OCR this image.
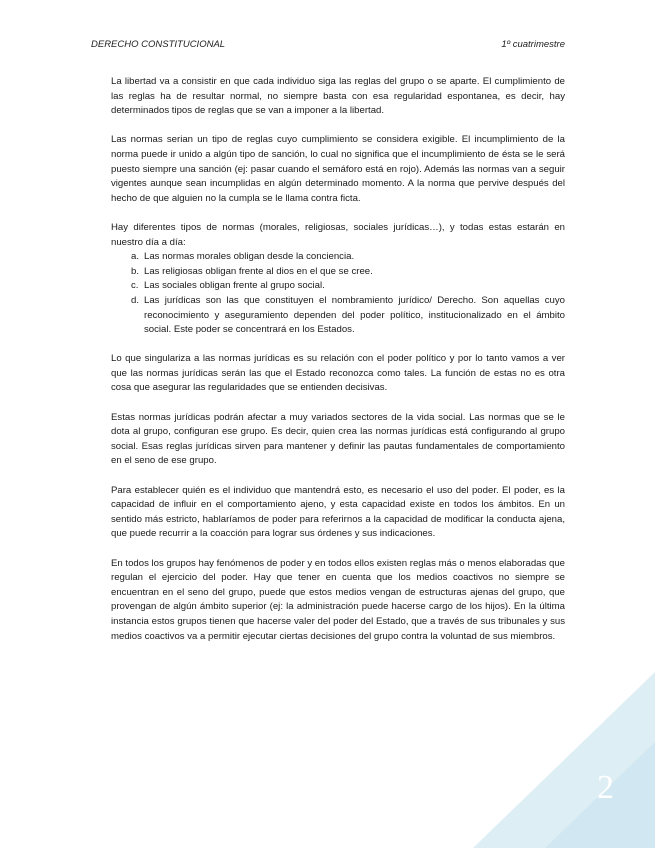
DERECHO CONSTITUCIONAL	1º cuatrimestre

La libertad va a consistir en que cada individuo siga las reglas del grupo o se aparte. El cumplimiento de las reglas ha de resultar normal, no siempre basta con esa regularidad espontanea, es decir, hay determinados tipos de reglas que se van a imponer a la libertad.

Las normas serian un tipo de reglas cuyo cumplimiento se considera exigible. El incumplimiento de la norma puede ir unido a algún tipo de sanción, lo cual no significa que el incumplimiento de ésta se le será puesto siempre una sanción (ej: pasar cuando el semáforo está en rojo). Además las normas van a seguir vigentes aunque sean incumplidas en algún determinado momento. A la norma que pervive después del hecho de que alguien no la cumpla se le llama contra ficta.

Hay diferentes tipos de normas (morales, religiosas, sociales jurídicas…), y todas estas estarán en nuestro día a día:

a. Las normas morales obligan desde la conciencia.
b. Las religiosas obligan frente al dios en el que se cree.
c. Las sociales obligan frente al grupo social.
d. Las jurídicas son las que constituyen el nombramiento jurídico/ Derecho. Son aquellas cuyo reconocimiento y aseguramiento dependen del poder político, institucionalizado en el ámbito social. Este poder se concentrará en los Estados.

Lo que singulariza a las normas jurídicas es su relación con el poder político y por lo tanto vamos a ver que las normas jurídicas serán las que el Estado reconozca como tales. La función de estas no es otra cosa que asegurar las regularidades que se entienden decisivas.

Estas normas jurídicas podrán afectar a muy variados sectores de la vida social. Las normas que se le dota al grupo, configuran ese grupo. Es decir, quien crea las normas jurídicas está configurando al grupo social. Esas reglas jurídicas sirven para mantener y definir las pautas fundamentales de comportamiento en el seno de ese grupo.

Para establecer quién es el individuo que mantendrá esto, es necesario el uso del poder. El poder, es la capacidad de influir en el comportamiento ajeno, y esta capacidad existe en todos los ámbitos. En un sentido más estricto, hablaríamos de poder para referirnos a la capacidad de modificar la conducta ajena, que puede recurrir a la coacción para lograr sus órdenes y sus indicaciones.

En todos los grupos hay fenómenos de poder y en todos ellos existen reglas más o menos elaboradas que regulan el ejercicio del poder. Hay que tener en cuenta que los medios coactivos no siempre se encuentran en el seno del grupo, puede que estos medios vengan de estructuras ajenas del grupo, que provengan de algún ámbito superior (ej: la administración puede hacerse cargo de los hijos). En la última instancia estos grupos tienen que hacerse valer del poder del Estado, que a través de sus tribunales y sus medios coactivos va a permitir ejecutar ciertas decisiones del grupo contra la voluntad de sus miembros.

2
